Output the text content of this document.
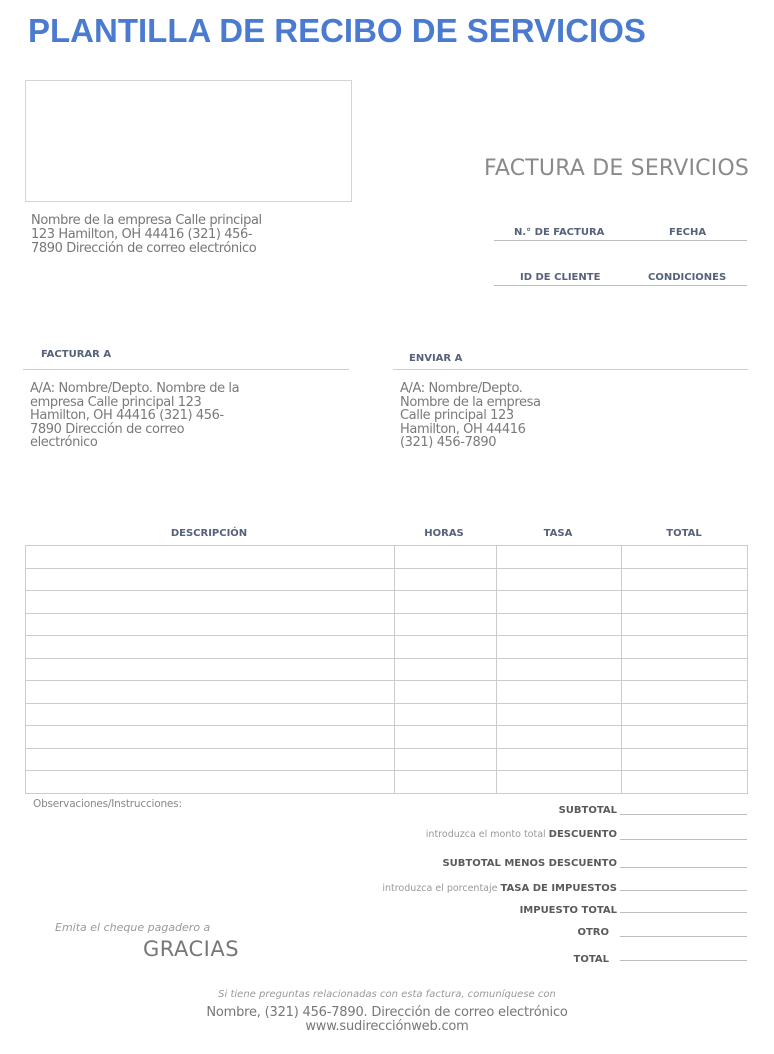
PLANTILLA DE RECIBO DE SERVICIOS
Nombre de la empresa Calle principal 123 Hamilton, OH 44416 (321) 456-7890 Dirección de correo electrónico
FACTURA DE SERVICIOS
N.° DE FACTURA	FECHA
ID DE CLIENTE	CONDICIONES
FACTURAR A
A/A: Nombre/Depto. Nombre de la empresa Calle principal 123 Hamilton, OH 44416 (321) 456-7890 Dirección de correo electrónico
ENVIAR A
A/A: Nombre/Depto.
Nombre de la empresa
Calle principal 123
Hamilton, OH 44416
(321) 456-7890
DESCRIPCIÓN	HORAS	TASA	TOTAL

Observaciones/Instrucciones:
SUBTOTAL
introduzca el monto total DESCUENTO
SUBTOTAL MENOS DESCUENTO
introduzca el porcentaje TASA DE IMPUESTOS
IMPUESTO TOTAL
OTRO
TOTAL
Emita el cheque pagadero a
GRACIAS
Si tiene preguntas relacionadas con esta factura, comuníquese con
Nombre, (321) 456-7890. Dirección de correo electrónico
www.sudirecciónweb.com
